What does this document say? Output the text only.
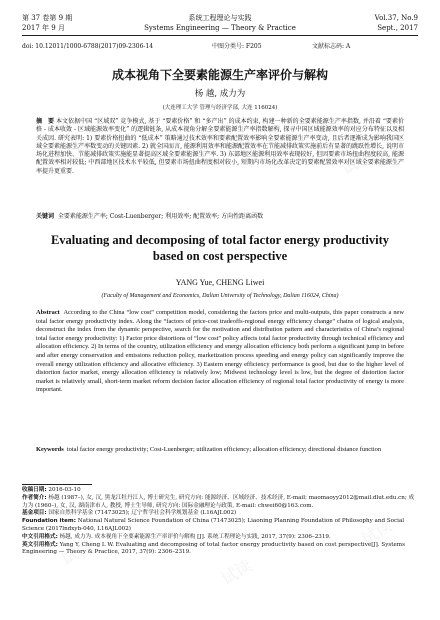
第 37 卷第 9 期	系统工程理论与实践	Vol.37, No.9
2017 年 9 月	Systems Engineering — Theory & Practice	Sept., 2017
doi: 10.12011/1000-6788(2017)09-2306-14	中图分类号: F205	文献标志码: A
成本视角下全要素能源生产率评价与解构
杨 越, 成力为
(大连理工大学 管理与经济学部, 大连 116024)
摘　要 本文依据中国 “区域双” 竞争模式, 基于 “要素价格” 和 “多产出” 的成本约束, 构建一种新的全要素能源生产率指数, 并沿着 “要素价格 - 成本收敛 - 区域能源效率变化” 的逻辑链条, 从成本视角分解全要素能源生产率指数解构, 探寻中国区域能源效率的对应分布特征以及相关成因. 研究表明: 1) 要素价格扭曲的 “低成本” 策略通过技术效率和要素配置效率影响全要素能源生产率变动, 且后者逐渐成为影响我国区域全要素能源生产率数变动的关键因素. 2) 就全国而言, 能源利用效率和能源配置效率在节能减排政策实施前后有显著的跳跃性增长, 说明市场化进程加快、节能减排政策实施能显著提高区域全要素能源生产率. 3) 东部地区能源利用效率表现较好, 但因要素市场扭曲程度较高, 能源配置效率相对较低; 中西部地区技术水平较低, 但要素市场扭曲程度相对较小, 短期内市场化改革决定的要素配置效率对区域全要素能源生产率提升更重要.
关键词 全要素能源生产率; Cost-Luenberger; 利用效率; 配置效率; 方向性距离函数
Evaluating and decomposing of total factor energy productivity based on cost perspective
YANG Yue, CHENG Liwei
(Faculty of Management and Economics, Dalian University of Technology, Dalian 116024, China)
Abstract According to the China “low cost” competition model, considering the factors price and multi-outputs, this paper constructs a new total factor energy productivity index. Along the “factors of price-cost tradeoffs-regional energy efficiency change” chains of logical analysis, deconstruct the index from the dynamic perspective, search for the motivation and distribution pattern and characteristics of China’s regional total factor energy productivity: 1) Factor price distortions of “low cost” policy affects total factor productivity through technical efficiency and allocation efficiency. 2) In terms of the country, utilization efficiency and energy allocation efficiency both perform a significant jump in before and after energy conservation and emissions reduction policy, marketization process speeding and energy policy can significantly improve the overall energy utilization efficiency and allocative efficiency. 3) Eastern energy efficiency performance is good, but due to the higher level of distortion factor market, energy allocation efficiency is relatively low; Midwest technology level is low, but the degree of distortion factor market is relatively small, short-term market reform decision factor allocation efficiency of regional total factor productivity of energy is more important.
Keywords total factor energy productivity; Cost-Luenberger; utilization efficiency; allocation efficiency; directional distance function

收稿日期: 2016-03-10

作者简介: 杨越 (1987–), 女, 汉, 黑龙江牡丹江人, 博士研究生, 研究方向: 能源经济、区域经济、技术经济, E-mail: maomaoyy2012@mail.dlut.edu.cn; 成力为 (1960–), 女, 汉, 湖南津市人, 教授, 博士生导师, 研究方向: 国际金融理论与政策, E-mail: chwei60@163.com.

基金项目: 国家自然科学基金 (71473025); 辽宁哲学社会科学规划基金 (L16AJL002)

Foundation item: National Natural Science Foundation of China (71473025); Liaoning Planning Foundation of Philosophy and Social Science (2017lndxyb-040, L16AJL002)

中文引用格式: 杨越, 成力为. 成本视角下全要素能源生产率评价与解构 [J]. 系统工程理论与实践, 2017, 37(9): 2306–2319.

英文引用格式: Yang Y, Cheng L W. Evaluating and decomposing of total factor energy productivity based on cost perspective[J]. Systems Engineering — Theory & Practice, 2017, 37(9): 2306–2319.

试读
试读
试读
试读
试读
试读
试读
试读
试读
